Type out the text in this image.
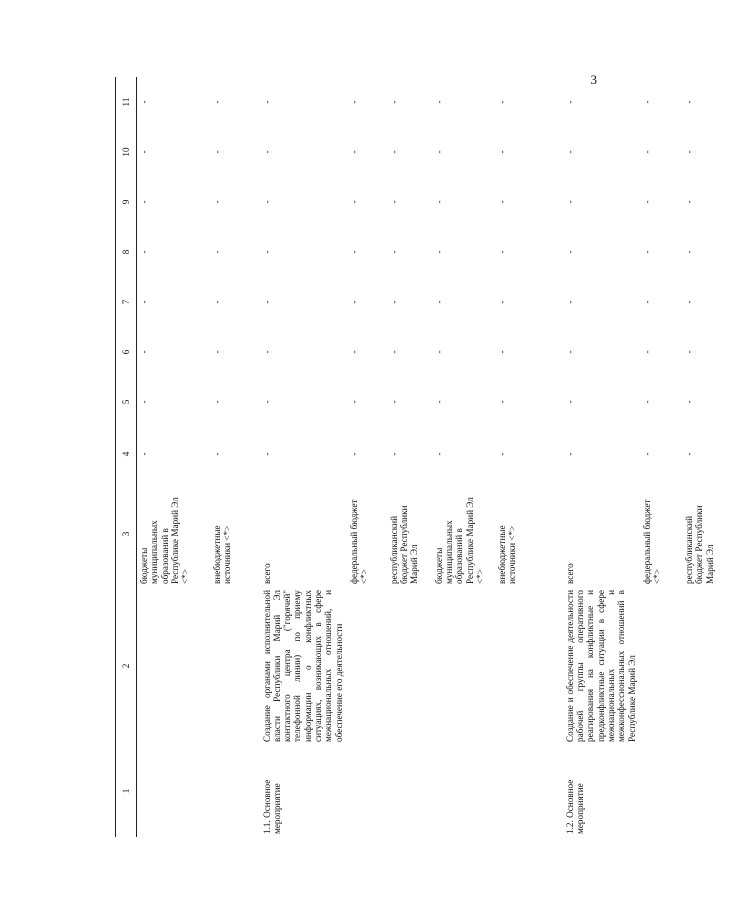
3
1	2	3	4	5	6	7	8	9	10	11
		бюджеты муниципальных образований в Республике Марий Эл <*>	-	-	-	-	-	-	-	-
		внебюджетные источники <*>	-	-	-	-	-	-	-	-
1.1. Основное мероприятие	Создание органами исполнительной власти Республики Марий Эл контактного центра ("горячей" телефонной линии) по приему информации о конфликтных ситуациях, возникающих в сфере межнациональных отношений, и обеспечение его деятельности	всего	-	-	-	-	-	-	-	-
		федеральный бюджет <*>	-	-	-	-	-	-	-	-
		республиканский бюджет Республики Марий Эл	-	-	-	-	-	-	-	-
		бюджеты муниципальных образований в Республике Марий Эл <*>	-	-	-	-	-	-	-	-
		внебюджетные источники <*>	-	-	-	-	-	-	-	-
1.2. Основное мероприятие	Создание и обеспечение деятельности рабочей группы оперативного реагирования на конфликтные и предконфликтные ситуации в сфере межнациональных и межконфессиональных отношений в Республике Марий Эл	всего	-	-	-	-	-	-	-	-
		федеральный бюджет <*>	-	-	-	-	-	-	-	-
		республиканский бюджет Республики Марий Эл	-	-	-	-	-	-	-	-
